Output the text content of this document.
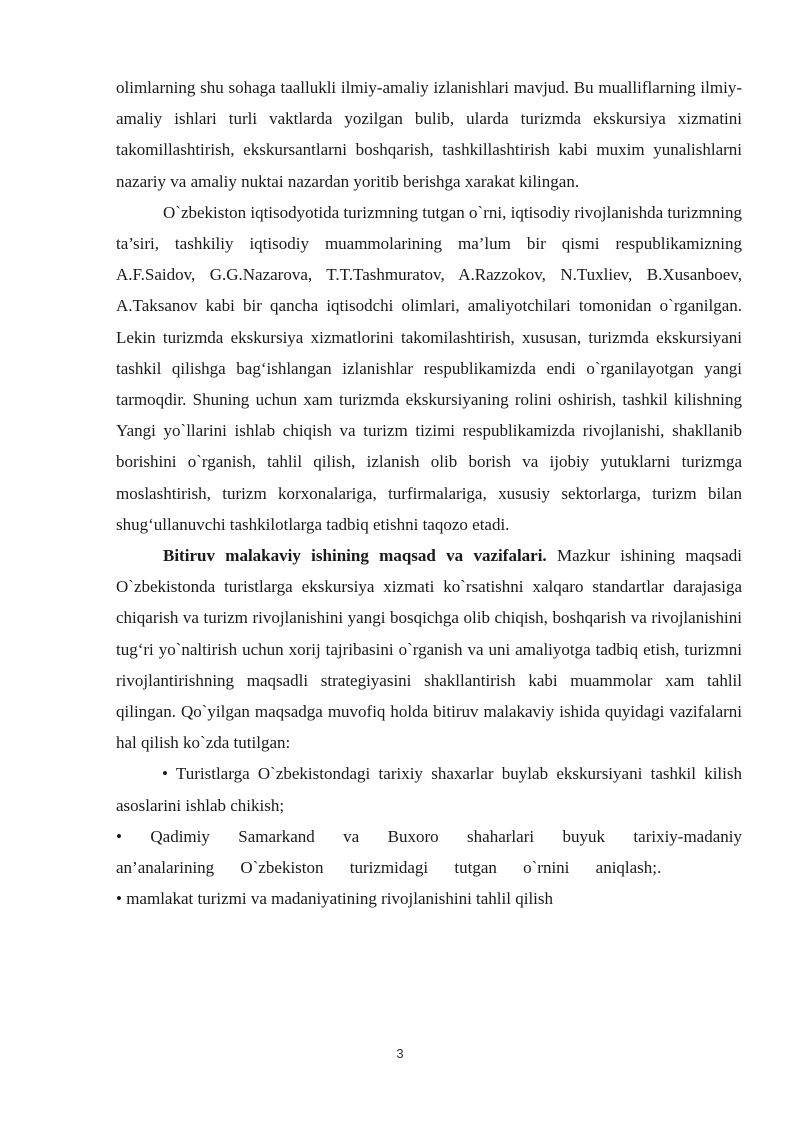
olimlarning shu sohaga taallukli ilmiy-amaliy izlanishlari mavjud. Bu mualliflarning ilmiy-amaliy ishlari turli vaktlarda yozilgan bulib, ularda turizmda ekskursiya xizmatini takomillashtirish, ekskursantlarni boshqarish, tashkillashtirish kabi muxim yunalishlarni nazariy va amaliy nuktai nazardan yoritib berishga xarakat kilingan.

O`zbekiston iqtisodyotida turizmning tutgan o`rni, iqtisodiy rivojlanishda turizmning ta’siri, tashkiliy iqtisodiy muammolarining ma’lum bir qismi respublikamizning A.F.Saidov, G.G.Nazarova, T.T.Tashmuratov, A.Razzokov, N.Tuxliev, B.Xusanboev, A.Taksanov kabi bir qancha iqtisodchi olimlari, amaliyotchilari tomonidan o`rganilgan. Lekin turizmda ekskursiya xizmatlorini takomilashtirish, xususan, turizmda ekskursiyani tashkil qilishga bag‘ishlangan izlanishlar respublikamizda endi o`rganilayotgan yangi tarmoqdir. Shuning uchun xam turizmda ekskursiyaning rolini oshirish, tashkil kilishning Yangi yo`llarini ishlab chiqish va turizm tizimi respublikamizda rivojlanishi, shakllanib borishini o`rganish, tahlil qilish, izlanish olib borish va ijobiy yutuklarni turizmga moslashtirish, turizm korxonalariga, turfirmalariga, xususiy sektorlarga, turizm bilan shug‘ullanuvchi tashkilotlarga tadbiq etishni taqozo etadi.

Bitiruv malakaviy ishining maqsad va vazifalari. Mazkur ishining maqsadi O`zbekistonda turistlarga ekskursiya xizmati ko`rsatishni xalqaro standartlar darajasiga chiqarish va turizm rivojlanishini yangi bosqichga olib chiqish, boshqarish va rivojlanishini tug‘ri yo`naltirish uchun xorij tajribasini o`rganish va uni amaliyotga tadbiq etish, turizmni rivojlantirishning maqsadli strategiyasini shakllantirish kabi muammolar xam tahlil qilingan. Qo`yilgan maqsadga muvofiq holda bitiruv malakaviy ishida quyidagi vazifalarni hal qilish ko`zda tutilgan:

• Turistlarga O`zbekistondagi tarixiy shaxarlar buylab ekskursiyani tashkil kilish asoslarini ishlab chikish;

• Qadimiy Samarkand va Buxoro shaharlari buyuk tarixiy-madaniy an’analarining O`zbekiston turizmidagi tutgan o`rnini aniqlash;.

• mamlakat turizmi va madaniyatining rivojlanishini tahlil qilish

3
